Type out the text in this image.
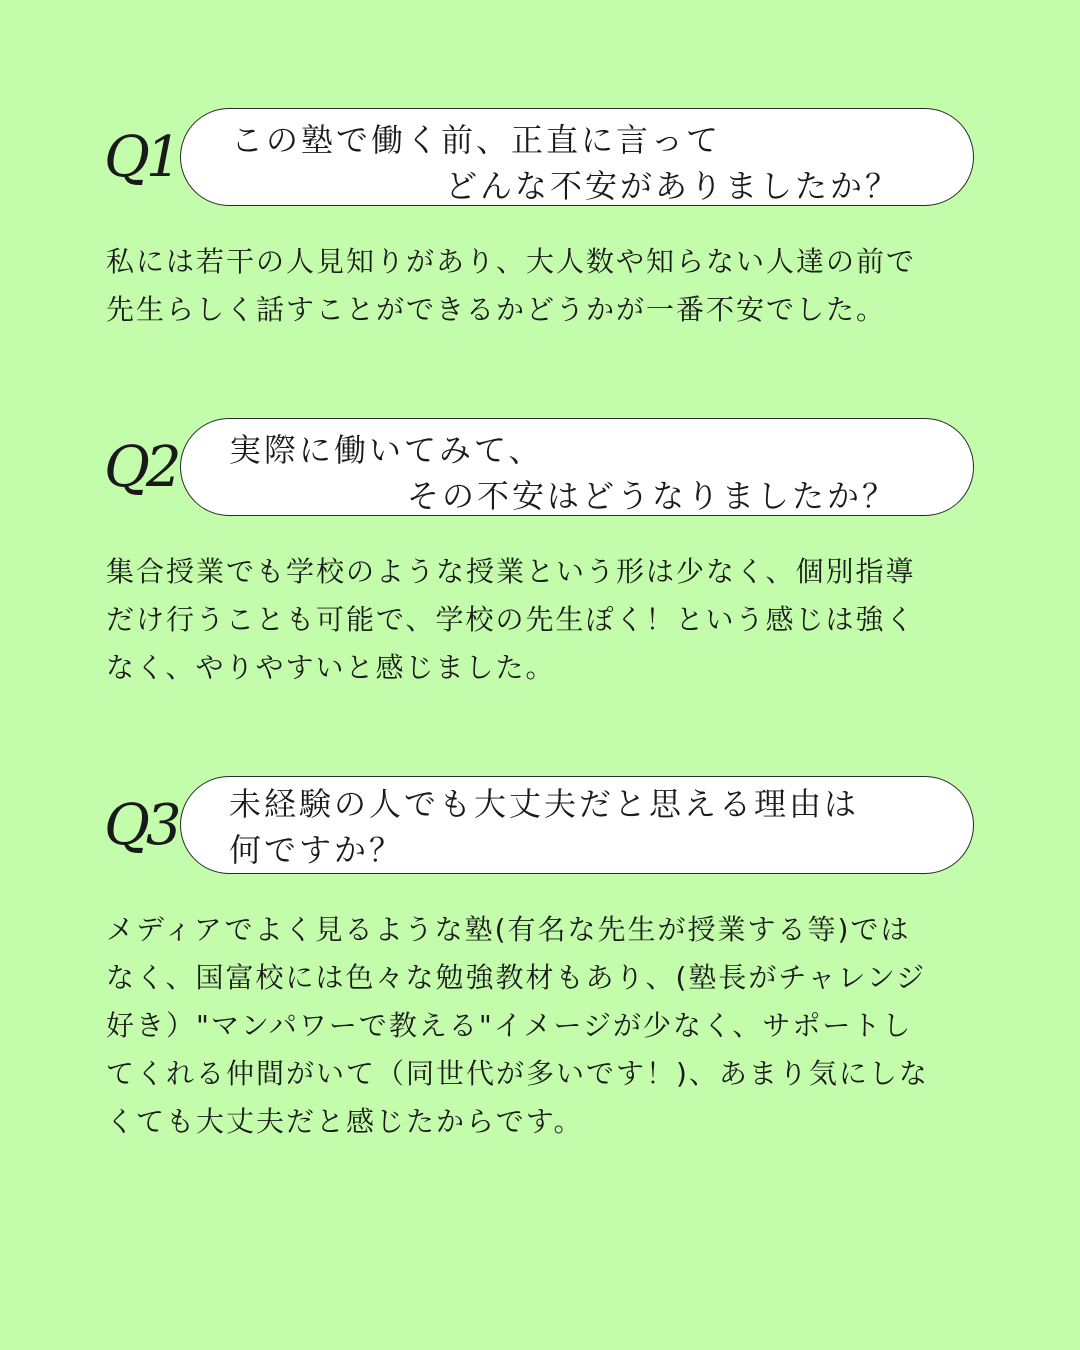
Q1 この塾で働く前、正直に言って
どんな不安がありましたか？
私には若干の人見知りがあり、大人数や知らない人達の前で
先生らしく話すことができるかどうかが一番不安でした。
Q2 実際に働いてみて、
その不安はどうなりましたか？
集合授業でも学校のような授業という形は少なく、個別指導
だけ行うことも可能で、学校の先生ぽく！という感じは強く
なく、やりやすいと感じました。
Q3 未経験の人でも大丈夫だと思える理由は
何ですか？
メディアでよく見るような塾(有名な先生が授業する等)では
なく、国富校には色々な勉強教材もあり、(塾長がチャレンジ
好き）"マンパワーで教える"イメージが少なく、サポートし
てくれる仲間がいて（同世代が多いです！)、あまり気にしな
くても大丈夫だと感じたからです。
